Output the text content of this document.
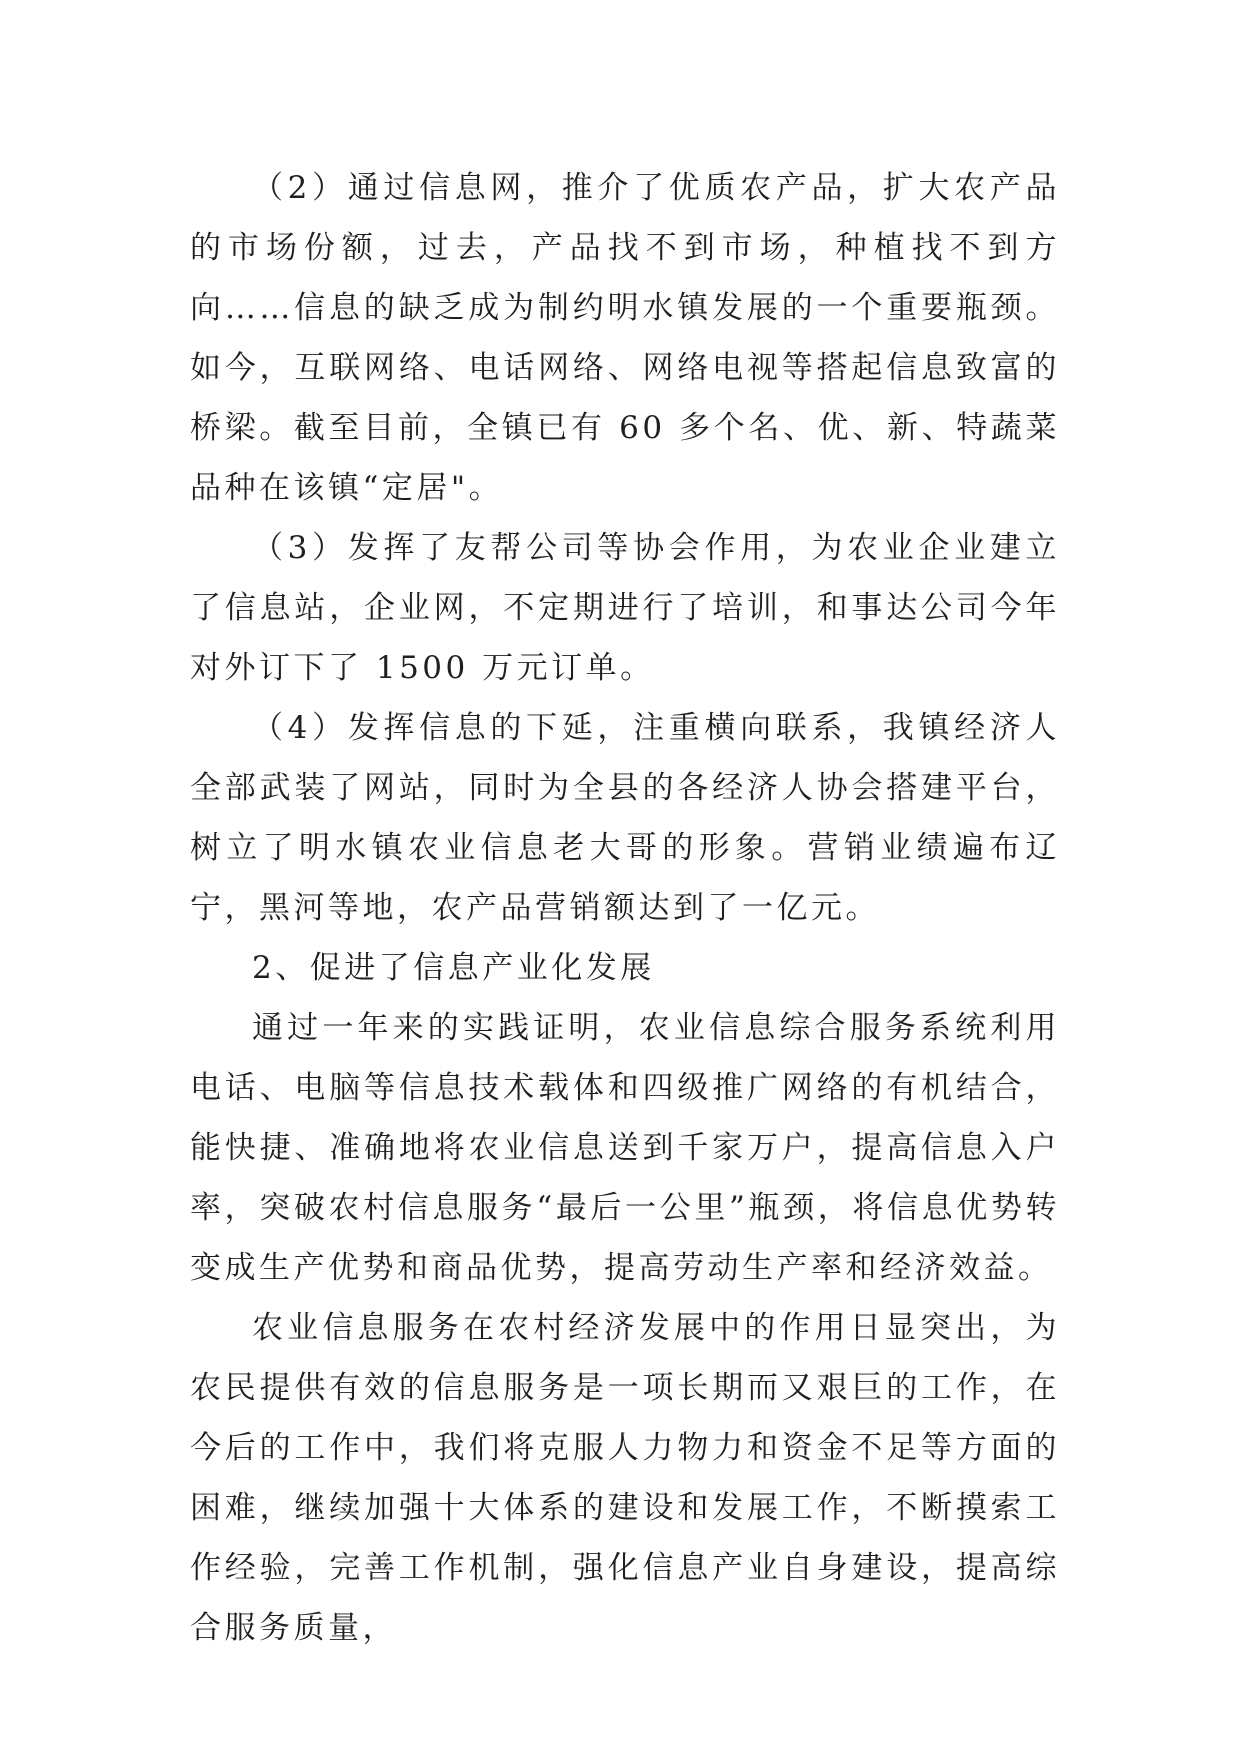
（2）通过信息网，推介了优质农产品，扩大农产品的市场份额，过去，产品找不到市场，种植找不到方向……信息的缺乏成为制约明水镇发展的一个重要瓶颈。如今，互联网络、电话网络、网络电视等搭起信息致富的桥梁。截至目前，全镇已有 60 多个名、优、新、特蔬菜品种在该镇“定居"。

（3）发挥了友帮公司等协会作用，为农业企业建立了信息站，企业网，不定期进行了培训，和事达公司今年对外订下了 1500 万元订单。

（4）发挥信息的下延，注重横向联系，我镇经济人全部武装了网站，同时为全县的各经济人协会搭建平台，树立了明水镇农业信息老大哥的形象。营销业绩遍布辽宁，黑河等地，农产品营销额达到了一亿元。

2、促进了信息产业化发展

通过一年来的实践证明，农业信息综合服务系统利用电话、电脑等信息技术载体和四级推广网络的有机结合，能快捷、准确地将农业信息送到千家万户，提高信息入户率，突破农村信息服务“最后一公里”瓶颈，将信息优势转变成生产优势和商品优势，提高劳动生产率和经济效益。

农业信息服务在农村经济发展中的作用日显突出，为农民提供有效的信息服务是一项长期而又艰巨的工作，在今后的工作中，我们将克服人力物力和资金不足等方面的困难，继续加强十大体系的建设和发展工作，不断摸索工作经验，完善工作机制，强化信息产业自身建设，提高综合服务质量，
